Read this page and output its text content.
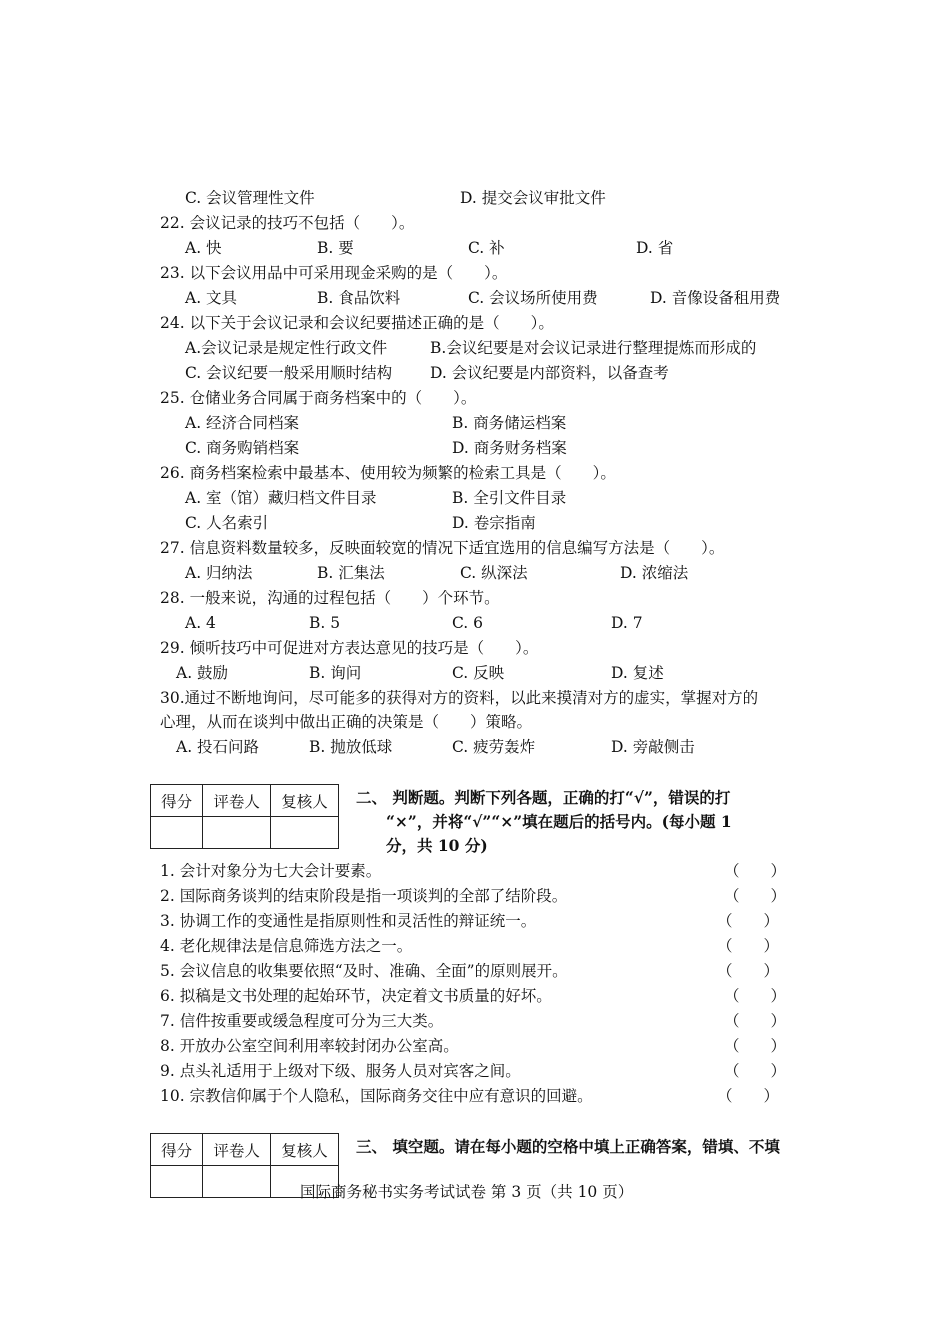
C. 会议管理性文件	D. 提交会议审批文件
22. 会议记录的技巧不包括（　　）。
A. 快	B. 要	C. 补	D. 省
23. 以下会议用品中可采用现金采购的是（　　）。
A. 文具	B. 食品饮料	C. 会议场所使用费	D. 音像设备租用费
24. 以下关于会议记录和会议纪要描述正确的是（　　）。
A.会议记录是规定性行政文件	B.会议纪要是对会议记录进行整理提炼而形成的
C. 会议纪要一般采用顺时结构 D. 会议纪要是内部资料，以备查考
25. 仓储业务合同属于商务档案中的（　　）。
A. 经济合同档案	B. 商务储运档案
C. 商务购销档案	D. 商务财务档案
26. 商务档案检索中最基本、使用较为频繁的检索工具是（　　）。
A. 室（馆）藏归档文件目录	B. 全引文件目录
C. 人名索引	D. 卷宗指南
27. 信息资料数量较多，反映面较宽的情况下适宜选用的信息编写方法是（　　）。
A. 归纳法	B. 汇集法	C. 纵深法	D. 浓缩法
28. 一般来说，沟通的过程包括（　　）个环节。
A. 4	B. 5	C. 6	D. 7
29. 倾听技巧中可促进对方表达意见的技巧是（　　）。
A. 鼓励	B. 询问	C. 反映	D. 复述
30.通过不断地询问，尽可能多的获得对方的资料，以此来摸清对方的虚实，掌握对方的
心理，从而在谈判中做出正确的决策是（　　）策略。
A. 投石问路	B. 抛放低球	C. 疲劳轰炸	D. 旁敲侧击
得分	评卷人	复核人
		二、 判断题。判断下列各题，正确的打“√”，错误的打
“×”，并将“√”“×”填在题后的括号内。(每小题 1
分，共 10 分)
1. 会计对象分为七大会计要素。	（　　）
2. 国际商务谈判的结束阶段是指一项谈判的全部了结阶段。	（　　）
3. 协调工作的变通性是指原则性和灵活性的辩证统一。	（　　）
4. 老化规律法是信息筛选方法之一。	（　　）
5. 会议信息的收集要依照“及时、准确、全面”的原则展开。	（　　）
6. 拟稿是文书处理的起始环节，决定着文书质量的好坏。	（　　）
7. 信件按重要或缓急程度可分为三大类。	（　　）
8. 开放办公室空间利用率较封闭办公室高。	（　　）
9. 点头礼适用于上级对下级、服务人员对宾客之间。	（　　）
10. 宗教信仰属于个人隐私，国际商务交往中应有意识的回避。	（　　）
得分	评卷人	复核人
		三、 填空题。请在每小题的空格中填上正确答案，错填、不填
国际商务秘书实务考试试卷 第 3 页（共 10 页）
